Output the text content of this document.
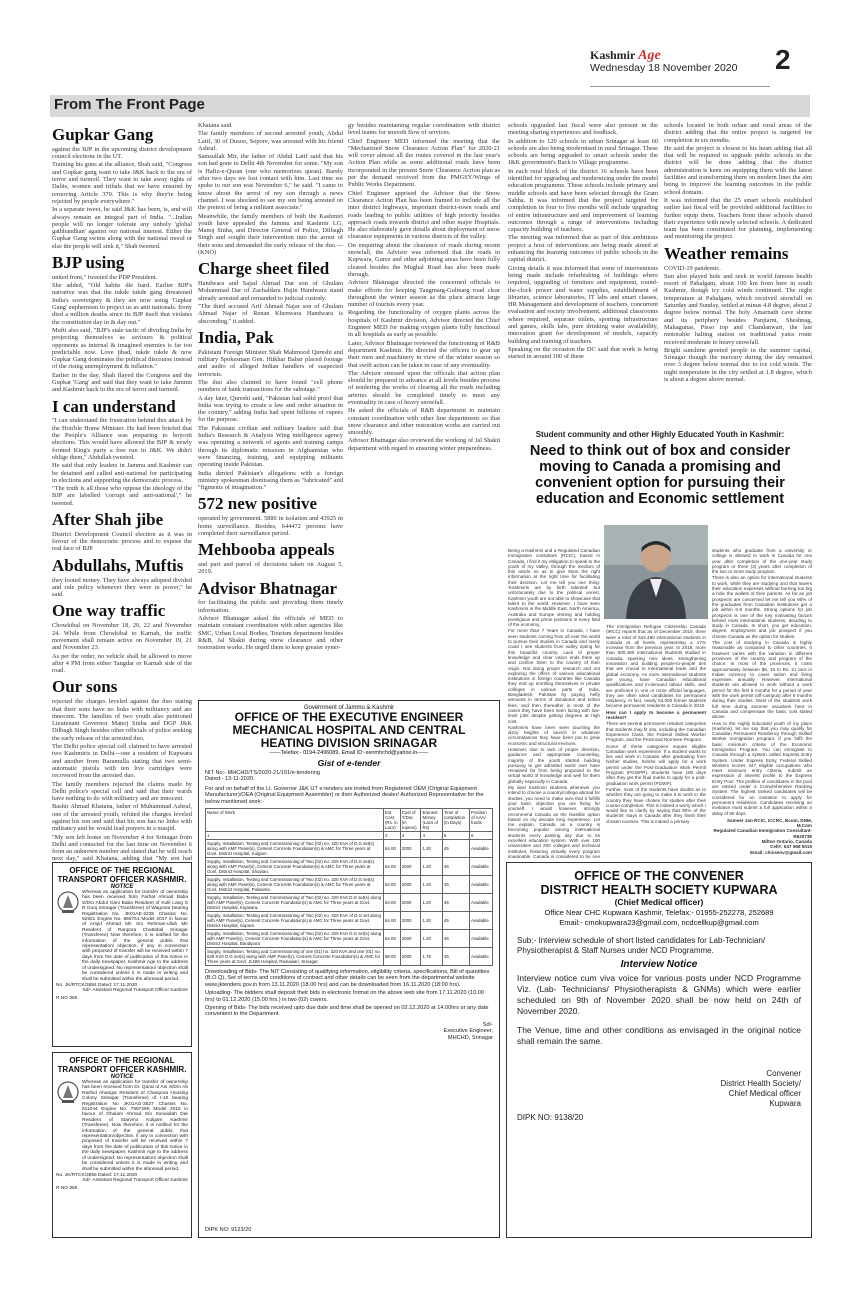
Kashmir Age
Wednesday 18 November 2020 2
From The Front Page
Gupkar Gang

against the BJP in the upcoming district development council elections in the UT.

Training his guns at the alliance, Shah said, "Congress and Gupkar gang want to take J&K back to the era of terror and turmoil. They want to take away rights of Dalits, women and tribals that we have ensured by removing Article 370. This is why they're being rejected by people everywhere."

In a separate tweet, he said J&K has been, is, and will always remain an integral part of India. "...Indian people will no longer tolerate any unholy 'global gathbandhan' against our national interest. Either the Gupkar Gang swims along with the national mood or else the people will sink it," Shah tweeted.

BJP using

united front," tweeted the PDP President.

She added, "Old habits die hard. Earlier BJP's narrative was that the tukde tukde gang threatened India's sovereignty & they are now using 'Gupkar Gang' euphemism to project us as anti nationals. Irony died a million deaths since its BJP itself that violates the constitution day in & day out."

Mufti also said, "BJP's stale tactic of dividing India by projecting themselves as saviours & political opponents as internal & imagined enemies is far too predictable now. Love jihad, tukde tukde & now Gupkar Gang dominates the political discourse instead of the rising unemployment & inflation."

Earlier in the day, Shah flayed the Congress and the Gupkar 'Gang' and said that they want to take Jammu and Kashmir back to the era of terror and turmoil.

I can understand

"I can understand the frustration behind this attack by the Hon'ble Home Minister. He had been briefed that the People's Alliance was preparing to boycott elections. This would have allowed the BJP & newly formed King's party a free run in J&K. We didn't oblige them," Abdullah tweeted.

He said that only leaders in Jammu and Kashmir can be detained and called anti-national for participating in elections and supporting the democratic process.

"The truth is all those who oppose the ideology of the BJP are labelled 'corrupt and anti-national'," he tweeted.

After Shah jibe

District Development Council election as it was in favour of the democratic process and to expose the real face of BJP.

Abdullahs, Muftis

they looted money. They have always adopted divided and rule policy whenever they were in power," he said.

One way traffic

Chowkibal on November 18, 20, 22 and November 24. While from Chowkibal to Karnah, the traffic movement shall remain active on November 19, 21 and November 23.

As per the order, no vehicle shall be allowed to move after 4 PM from either Tangdar or Karnah side of the road.

Our sons

rejected the charges leveled against the duo stating that their sons have no links with militancy and are innocent. The families of two youth also petitioned Lieutenant Governor Manoj Sinha and DGP J&K Dilbagh Singh besides other officials of police seeking the early release of the arrested duo.

The Delhi police special cell claimed to have arrested two Kashmiris in Delhi—one a resident of Kupwara and another from Baramulla stating that two semi-automatic pistols with ten live cartridges were recovered from the arrested duo.

The family members rejected the claims made by Delhi police's special cell and said that their wards have nothing to do with militancy and are innocent.

Bashir Ahmad Khatana, father of Muhammad Ashraf, one of the arrested youth, refuted the charges leveled against his son and said that his son has no links with militancy and he would lead prayers in a masjid.

"My son left home on November 4 for Srinagar from Delhi and contacted for the last time on November 6 from an unknown number and stated that he will reach next day," said Khatana, adding that "My son had

Khatana said.

The family members of second arrested youth, Abdul Latif, 30 of Dusoo, Sopore, was arrested with his friend Ashraf.

Samsullah Mir, the father of Abdul Latif said that his son had gone to Delhi 4th November for some. "My son is Hafiz-e-Quran (one who memorizes quran). Barely after two days we lost contact with him. Last time we spoke to our son was November 6," he said. "I came to know about the arrest of my son through a news channel. I was shocked to see my son being arrested on the pretext of being a militant associate."

Meanwhile, the family members of both the Kashmiri youth have appealed the Jammu and Kashmir LG, Manoj Sinha, and Director General of Police, Dilbagh Singh and sought their intervention into the arrest of their sons and demanded the early release of the duo.— (KNO)

Charge sheet filed

Handwara and Sajad Ahmad Dar son of Ghulam Mohammad Dar of Zachaldara Hajin Handwara stand already arrested and remanded to judicial custody.

"The third accused Arif Ahmad Najar son of Ghulam Ahmad Najar of Renan Khenwara Handwara is absconding," it added.

India, Pak

Pakistani Foreign Minister Shah Mahmood Qureshi and military Spokesman Gen. Iftikhar Babar placed footage and audio of alleged Indian handlers of suspected terrorists.

The duo also claimed to have found "cell phone numbers of bank transactions for the sabotage."

A day later, Qureshi said, "Pakistan had solid proof that India was trying to create a law and order situation in the country," adding India had spent billions of rupees for the purpose.

The Pakistani civilian and military leaders said that India's Research & Analysis Wing intelligence agency was operating a network of agents and training camps through its diplomatic missions in Afghanistan who were financing, training, and equipping militants operating inside Pakistan.

India denied Pakistan's allegations with a foreign ministry spokesman dismissing them as "fabricated" and "figments of imagination."

572 new positive

operated by government. 5880 in isolation and 43925 in home surveillance. Besides, 644472 persons have completed their surveillance period.

Mehbooba appeals

and part and parcel of decisions taken on August 5, 2019.

Advisor Bhatnagar

for facilitating the public and providing them timely information.

Advisor Bhatnagar asked the officials of MED to maintain constant coordination with other agencies like SMC, Urban Local Bodies, Tourism department besides R&B, Jal Shakti during snow clearance and other restoration works. He urged them to keep greater syner-

gy besides maintaining regular coordination with district level teams for smooth flow of services.

Chief Engineer MED informed the meeting that the "Mechanized Snow Clearance Action Plan" for 2020-21 will cover almost all the routes covered in the last year's Action Plan while as some additional roads have been incorporated in the present Snow Clearance Action plan as per the demand received from the PMGSY/Wings of Public Works Department.

Chief Engineer apprised the Advisor that the Snow Clearance Action Plan has been framed to include all the inter district highways, important district-town roads and roads leading to public utilities of high priority besides approach roads towards district and other major Hospitals. He also elaborately gave details about deployment of snow clearance equipments in various districts of the valley.

On enquiring about the clearance of roads during recent snowfall, the Advisor was informed that the roads in Kupwara, Gurez and other adjoining areas have been fully cleared besides the Mughal Road has also been made through.

Advisor Bhatnagar directed the concerned officials to make efforts for keeping Tangmarg-Gulmarg road clear throughout the winter season as the place attracts large number of tourists every year.

Regarding the functionality of oxygen plants across the hospitals of Kashmir division, Advisor directed the Chief Engineer MED for making oxygen plants fully functional in all hospitals as early as possible.

Later, Advisor Bhatnagar reviewed the functioning of R&B department Kashmir. He directed the officers to gear up their men and machinery in view of the winter season so that swift action can be taken in case of any eventuality.

The Advisor stressed upon the officials that action plan should be prepared in advance at all levels besides process of tendering the works of clearing all the roads including arteries should be completed timely to meet any eventuality in case of heavy snowfall.

He asked the officials of R&B department to maintain constant coordination with other line departments so that snow clearance and other restoration works are carried out smoothly.

Advisor Bhatnagar also reviewed the working of Jal Shakti department with regard to ensuring winter preparedness.

schools upgraded last fiscal were also present in the meeting sharing experiences and feedback.

In addition to 120 schools in urban Srinagar at least 60 schools are also being modernised in rural Srinagar. These schools are being upgraded to smart schools under the J&K government's Back to Village programme.

In each rural block of the district 16 schools have been identified for upgrading and modernizing under the model education programme. These schools include primary and middle schools and have been selected through the Gram Sabha. It was informed that the project targeted for completion in four to five months will include upgrading of entire infrastructure and and improvement of learning outcomes through a range of interventions including capacity building of teachers.

The meeting was informed that as part of this ambitious project a host of interventions are being made aimed at enhancing the learning outcomes of public schools in the capital district.

Giving details it was informed that some of interventions being made include refurbishing of buildings where required, upgrading of furniture and equipment, round-the-clock power and water supplies, establishment of libraries, science laboratories, IT labs and smart classes, HR Management and development of teachers, concurrent evaluation and society involvement, additional classrooms where required, separate toilets, sporting infrastructure and games, skills labs, pure drinking water availability, innovation grant for development of models, capacity building and training of teachers.

Speaking on the occasion the DC said that work is being started in around 100 of these

schools located in both urban and rural areas of the district adding that the entire project is targeted for completion in six months.

He said the project is closest to his heart adding that all that will be required to upgrade public schools in the district will be done adding that the district administration is keen on equipping them with the latest facilities and transforming them on modern lines the aim being to improve the learning outcomes in the public school domain.

It was informed that the 25 smart schools established earlier last fiscal will be provided additional facilities to further equip them. Teachers from these schools shared their experience with newly selected schools. A dedicated team has been constituted for planning, implementing and monitoring the project.

Weather remains

COVID-19 pandemic.

Sun also played hide and seek in world famous health resort of Pahalgam, about 100 km from here in south Kashmir, though icy cold winds continued. The night temperature at Pahalgam, which received snowfall on Saturday and Sunday, settled at minus 4.8 degree, about 2 degree below normal. The holy Amarnath cave shrine and its periphery besides Panjtarni, Sheshnag, Mahagunas, Pisso top and Chandanwari, the last motorable halting station on traditional yatra route received moderate to heavy snowfall.

Bright sunshine greeted people in the summer capital, Srinagar though the mercury during the day remained over 3 degree below normal due to ice cold winds. The night temperature in the city settled at 1.8 degree, which is about a degree above normal.

Student community and other Highly Educated Youth in Kashmir:
Need to think out of box and consider moving to Canada a promising and convenient option for pursuing their education and Economic settlement

Being a Kashmiri and a Regulated Canadian Immigration consultant (RCIC), based in Canada, I find it my obligation to speak to the youth of my Valley, through the medium of this article so as to give them the right information at the right time for facilitating their decision. Let me tell you one thing: 'Kashmiris are by birth talented' but unfortunately due to the political unrest, Kashmiri youth are not able to showcase that talent to the world. However, I have seen Kashmiris in the Middle East, North America, Australia and Europe shining and holding prestigious and prime positions in every field of the economy.

For more than 7 Years in Canada, I have seen students coming from all over the world to pursue their studies in Canada and rarely could I see students from valley opting for this beautiful country. Lack of proper knowledge and clear vision ends them up and confine them to the country of their origin. Not doing proper research and not exploring the offers of various educational institutions in foreign countries like Canada they end up enrolling themselves in private colleges in various parts of India, Bangladesh, Pakistan by paying hefty amounts in terms of donations and tuition fees, and then thereafter in most of the cases they have been seen facing with low-level jobs despite getting degrees at high cost.

Kashmiris have been seen touching the dizzy heights of launch in whatever circumstances they have been put to grow economic and structural environs.

However, due to lack of proper direction, guidance and appropriate counseling, majority of the youth started building pursuing to get admitted world over have remained far from being proposed to the virtual world of knowledge and well for them globally especially in Canada.

My dear Kashmiri students whenever you intend to choose a country/college abroad for studies, you need to make sure that it fulfills your basic objective you are fixing for yourself. I would however, strongly recommend Canada as the feasible option based on my decade long experience. Let me explain, Canada as a country is becoming popular among international students every passing day due to its excellent education system. With over 100 universities and 200 colleges and technical institutes, featuring virtually every program imaginable. Canada is considered to be one

The Immigration Refugee Citizenship Canada (IRCC) reports that as of December 2019, there were a total of 642,480 international students in Canada at all levels, representing a 17% increase from the previous year. In 2018, more than 500,480 international students studied in Canada, sparking new ideas, strengthening innovation and building people-to-people ties that are crucial to international trade and the global economy. As more international students are young, have Canadian educational qualifications and in-demand labour skills, and are proficient in one or more official languages, they are often ideal candidates for permanent residency. In fact, nearly 54,000 former students became permanent residents in Canada in 2018.

How can I apply to become a permanent resident?

There are several permanent resident categories that students may fit into, including the Canadian Experience Class, the Federal Skilled Worker Program, and the Provincial Nominee Program.

Some of these categories require eligible Canadian work experience. If a student wants to live and work in Canada after graduating from his/her studies, he/she will apply for a work permit under the Post-Graduation Work Permit Program (PGWPP). Students have 180 days after they get the final marks to apply for a post-graduation work permit (PGWP).

Further, most of the students have doubts as to whether they are going to make it to work in the country they have chosen for studies after their course completion. This is indeed a worry which I would like to clarify by saying that 90% of the students' stays in Canada after they finish their chosen courses. This is indeed a primary

students who graduate from a university or college is allowed to work in Canada for one year after completion of the one-year study program or three (3) years after completion of the two or more study program.

There is also an option for international students to work, while they are studying and that lowers their education expenses without burning too big a hole the wallets of their parents. As far as job prospects are concerned let me tell you 90% of the graduates from Canadian institutions get a job within 6-8 months. Strong options for job prospects is one of the key motivating factors behind most international students, deciding to study in Canada. In short, you get education, degree, employment and job prospect if you choose Canada as the option for studies.

The cost of studying in Canada is highly reasonable as compared to other countries. It however varies with the variation in different provinces of the country and program of the choice. In most of the provinces, it costs approximately between $8, 15 to Rs. 21 lacs in Indian currency to cover tuition and living expenses annually. However, international students are allowed to work without a work permit for the first 6 months for a period of year with the work permit (off-campus) after 6 months during their studies. Most of the students work full time during summer vacations here in Canada and compensate the basic cost stated above.

How to the Highly Educated youth of my place (Kashmir), let me say that you may qualify for Canadian Permanent Residency through Skilled Worker Immigration program, if you fulfil the basic minimum criteria of the Economic Immigration Program. You can immigrate to Canada through a system called Express Entry System. Under Express Entry, Federal Skilled Workers scores 347 eligible occupations who meet minimum entry criteria, submit an expression of interest profile to the Express Entry Pool. The profiles of candidates in the pool are ranked under a Comprehensive Ranking System. The highest ranked candidates will be considered for an invitation to apply for permanent residence. Candidates receiving an invitation must submit a full application within a delay of 90 days.

Sameer Jan RCIC, ICCRC, Bcom, DNM, M.Com
Regulated Canadian Immigration Consultant- R520739
Milton Ontario, Canada
Cell#: 647 968 5015
Email: chissenv@gmail.com
Government of Jammu & Kashmir
OFFICE OF THE EXECUTIVE ENGINEER
MECHANICAL HOSPITAL AND CENTRAL
HEATING DIVISION SRINAGAR
——Telefax:- 0194-2496089, Email ID:-xenmhchd@yahoo.in——
Gist of e-tender
NIT No:- MHCHD/TS/2020-21/191/e-tendering
Dated:- 13-11-2020.
For and on behalf of the Lt. Governor J&K UT e-tenders are invited from Registered OEM (Original Equipment Manufacturer)/OEA (Original Equipment Assembler) or their Authorized dealer/ Authorized Representative for the below mentioned work:-
Name of Work	Est. Cost (Rs. in Lacs)	Cost of T/Doc (in rupees)	Earnest Money (Lacs of Rs)	Time of completion (in Days)	Position of AAA/ funds
1	2	3	4	5	6
Supply, Installation, Testing and Commissioning of Two (02) no. 320 KVA of D.G set(s) along with AMF Panel(s), Cement Concrete Foundation(s) & AMC for Three years at Govt. District Hospital, Kulgam.	64.00	2000	1.20	45	Available
Supply, Installation, Testing and Commissioning of Two (02) no. 320 KVA of D.G set(s) along with AMF Panel(s), Cement Concrete Foundation(s) & AMC for Three years at Govt. District Hospital, Shopian.	64.00	2000	1.20	45	Available
Supply, Installation, Testing and Commissioning of Two (02) no. 320 KVA of D.G set(s) along with AMF Panel(s), Cement Concrete Foundation(s) & AMC for Three years at Govt. District Hospital, Pulwama.	64.00	2000	1.20	45	Available
Supply, Installation, Testing and Commissioning of Two (02) no. 320 KVA D.G set(s) along with AMF Panel(s), Cement Concrete Foundation(s) & AMC for Three years at Govt. District Hospital, Kupwara.	64.00	2000	1.20	45	Available
Supply, Installation, Testing and Commissioning of Two (02) no. 320 KVA of D.G set along with AMF Panel(s), Cement Concrete Foundation(s) & AMC for Three years at Govt. District Hospital, Sopore.	64.00	2000	1.20	45	Available
Supply, Installation, Testing and Commissioning of Two (02) no. 320 KVA D.G set(s) along with AMF Panel(s), Cement Concrete Foundation(s) & AMC for Three years at Govt. District Hospital, Bandipora	64.00	2000	1.20	45	Available
Supply, Installation, Testing and Commissioning of one (01) no. 320 KVA and one (01) no. 625 KVA D.G set(s) along with AMF Panel(s), Cement Concrete Foundation(s) & AMC for Three years at Govt. JLNM Hospital, Rainawari, Srinagar.	88.00	2000	1.76	45	Available
Downloading of Bids- The NIT Consisting of qualifying information, eligibility criteria, specifications, Bill of quantities (B.O.Q), Set of terms and conditions of contract and other details can be seen from the departmental website www.jktenders.gov.in from 13.11.2020 (18.00 hrs) and can be downloaded from 16.11.2020 (18:00 hrs).
Uploading- The bidders shall deposit their bids in electronic format on the above web site from 17.11.2020 (10.00 hrs) to 01.12.2020 (15.00 hrs.) in two (02) covers.
Opening of Bids- The bids received upto due date and time shall be opened on 02.12.2020 at 14.00hrs or any date convenient to the Department.
Sd/-
Executive Engineer,
MHCHD, Srinagar
DIPK NO: 9123/20
OFFICE OF THE REGIONAL
TRANSPORT OFFICER KASHMIR.
NOTICE
Whereas an application for transfer of ownership has been received from Farhat Ahmad Baba S/D/o Abdul Gani Baba Resident of Kulil Lang S R Gunj Srinagar (Transferee) of Wagonar bearing Registration No. JK01AE-2235 Chassis No. 52921 Engine No. 965751 Model 2017 in favour of Amjid Ahmad Mir S/o Rehman-ullah Mir Resident of Ranpora Chattabal Srinagar (Transferee) Now therefore, it is notified for the information of the general public that representation/ objection, if any in connection with proposed of transfer will be received within 7 days from the date of publication of this notice in the daily newspaper, Kashmir Age to the address of undersigned. No representation/ objection shall be considered unless it is made in writing and shall be submitted within the aforesaid period.
No. JK/RTCK/3884 Dated: 17.11.2020
Sd/- Assistant Regional Transport Officer Kashmir
R.NO 365
OFFICE OF THE REGIONAL
TRANSPORT OFFICER KASHMIR.
NOTICE
Whereas an application for transfer of ownership has been received from Dr. Qurat ul Ain S/D/o Ab Rashid Ahangar Resident of Chanpora Housing Colony Srinagar (Transferee) of I-10 bearing Registration No JK01AG-2827 Chassis No. 811044 Engine No. 799728K Model 2018 in favour of Ghulam Ahmad S/o Sonaullah Dar Resident of Starvino Kulgam Kashmir (Transferee). Now therefore, it is notified for the information of the general public that representation/objection, if any in connection with proposed of transfer will be received within 7 days from the date of publication of this notice in the daily newspaper, Kashmir Age to the address of undersigned. No representation/ objection shall be considered unless it is made in writing and shall be submitted within the aforesaid period.
No. JK/RTCK/3855 Dated: 17.11.2020
Sd/- Assistant Regional Transport Officer Kashmir
R.NO 365
OFFICE OF THE CONVENER
DISTRICT HEALTH SOCIETY KUPWARA
(Chief Medical officer)
Office Near CHC Kupwara Kashmir, Telefax:- 01955-252278, 252689
Email:- cmokupwara23@gmail.com, ncdcellkup@gmail.com
Sub:- Interview schedule of short listed candidates for Lab-Technician/ Physiotherapist & Staff Nurses under NCD Programme.
Interview Notice
Interview notice cum viva voice for various posts under NCD Programme Viz. (Lab- Technicians/ Physiotherapists & GNMs) which were earlier scheduled on 9th of November 2020 shall be now held on 24th of November 2020.
The Venue, time and other conditions as envisaged in the original notice shall remain the same.
Convener
District Health Society/
Chief Medical officer
Kupwara
DIPK NO: 9138/20
